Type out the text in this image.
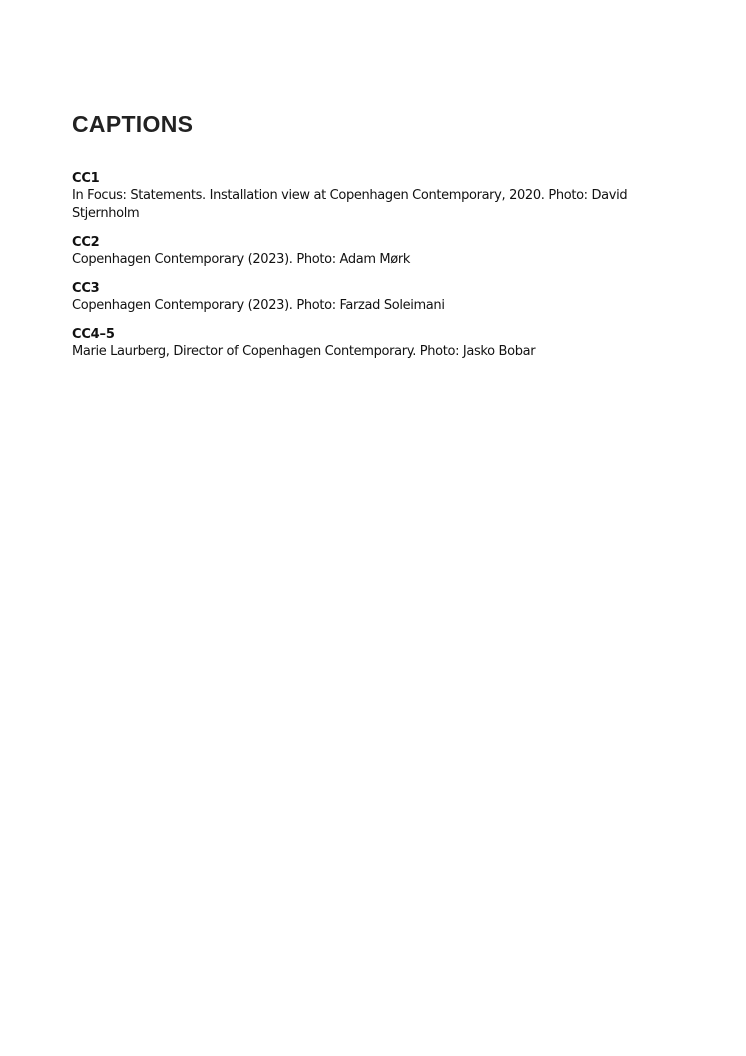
CAPTIONS
CC1
In Focus: Statements. Installation view at Copenhagen Contemporary, 2020. Photo: David Stjernholm
CC2
Copenhagen Contemporary (2023). Photo: Adam Mørk
CC3
Copenhagen Contemporary (2023). Photo: Farzad Soleimani
CC4–5
Marie Laurberg, Director of Copenhagen Contemporary. Photo: Jasko Bobar
